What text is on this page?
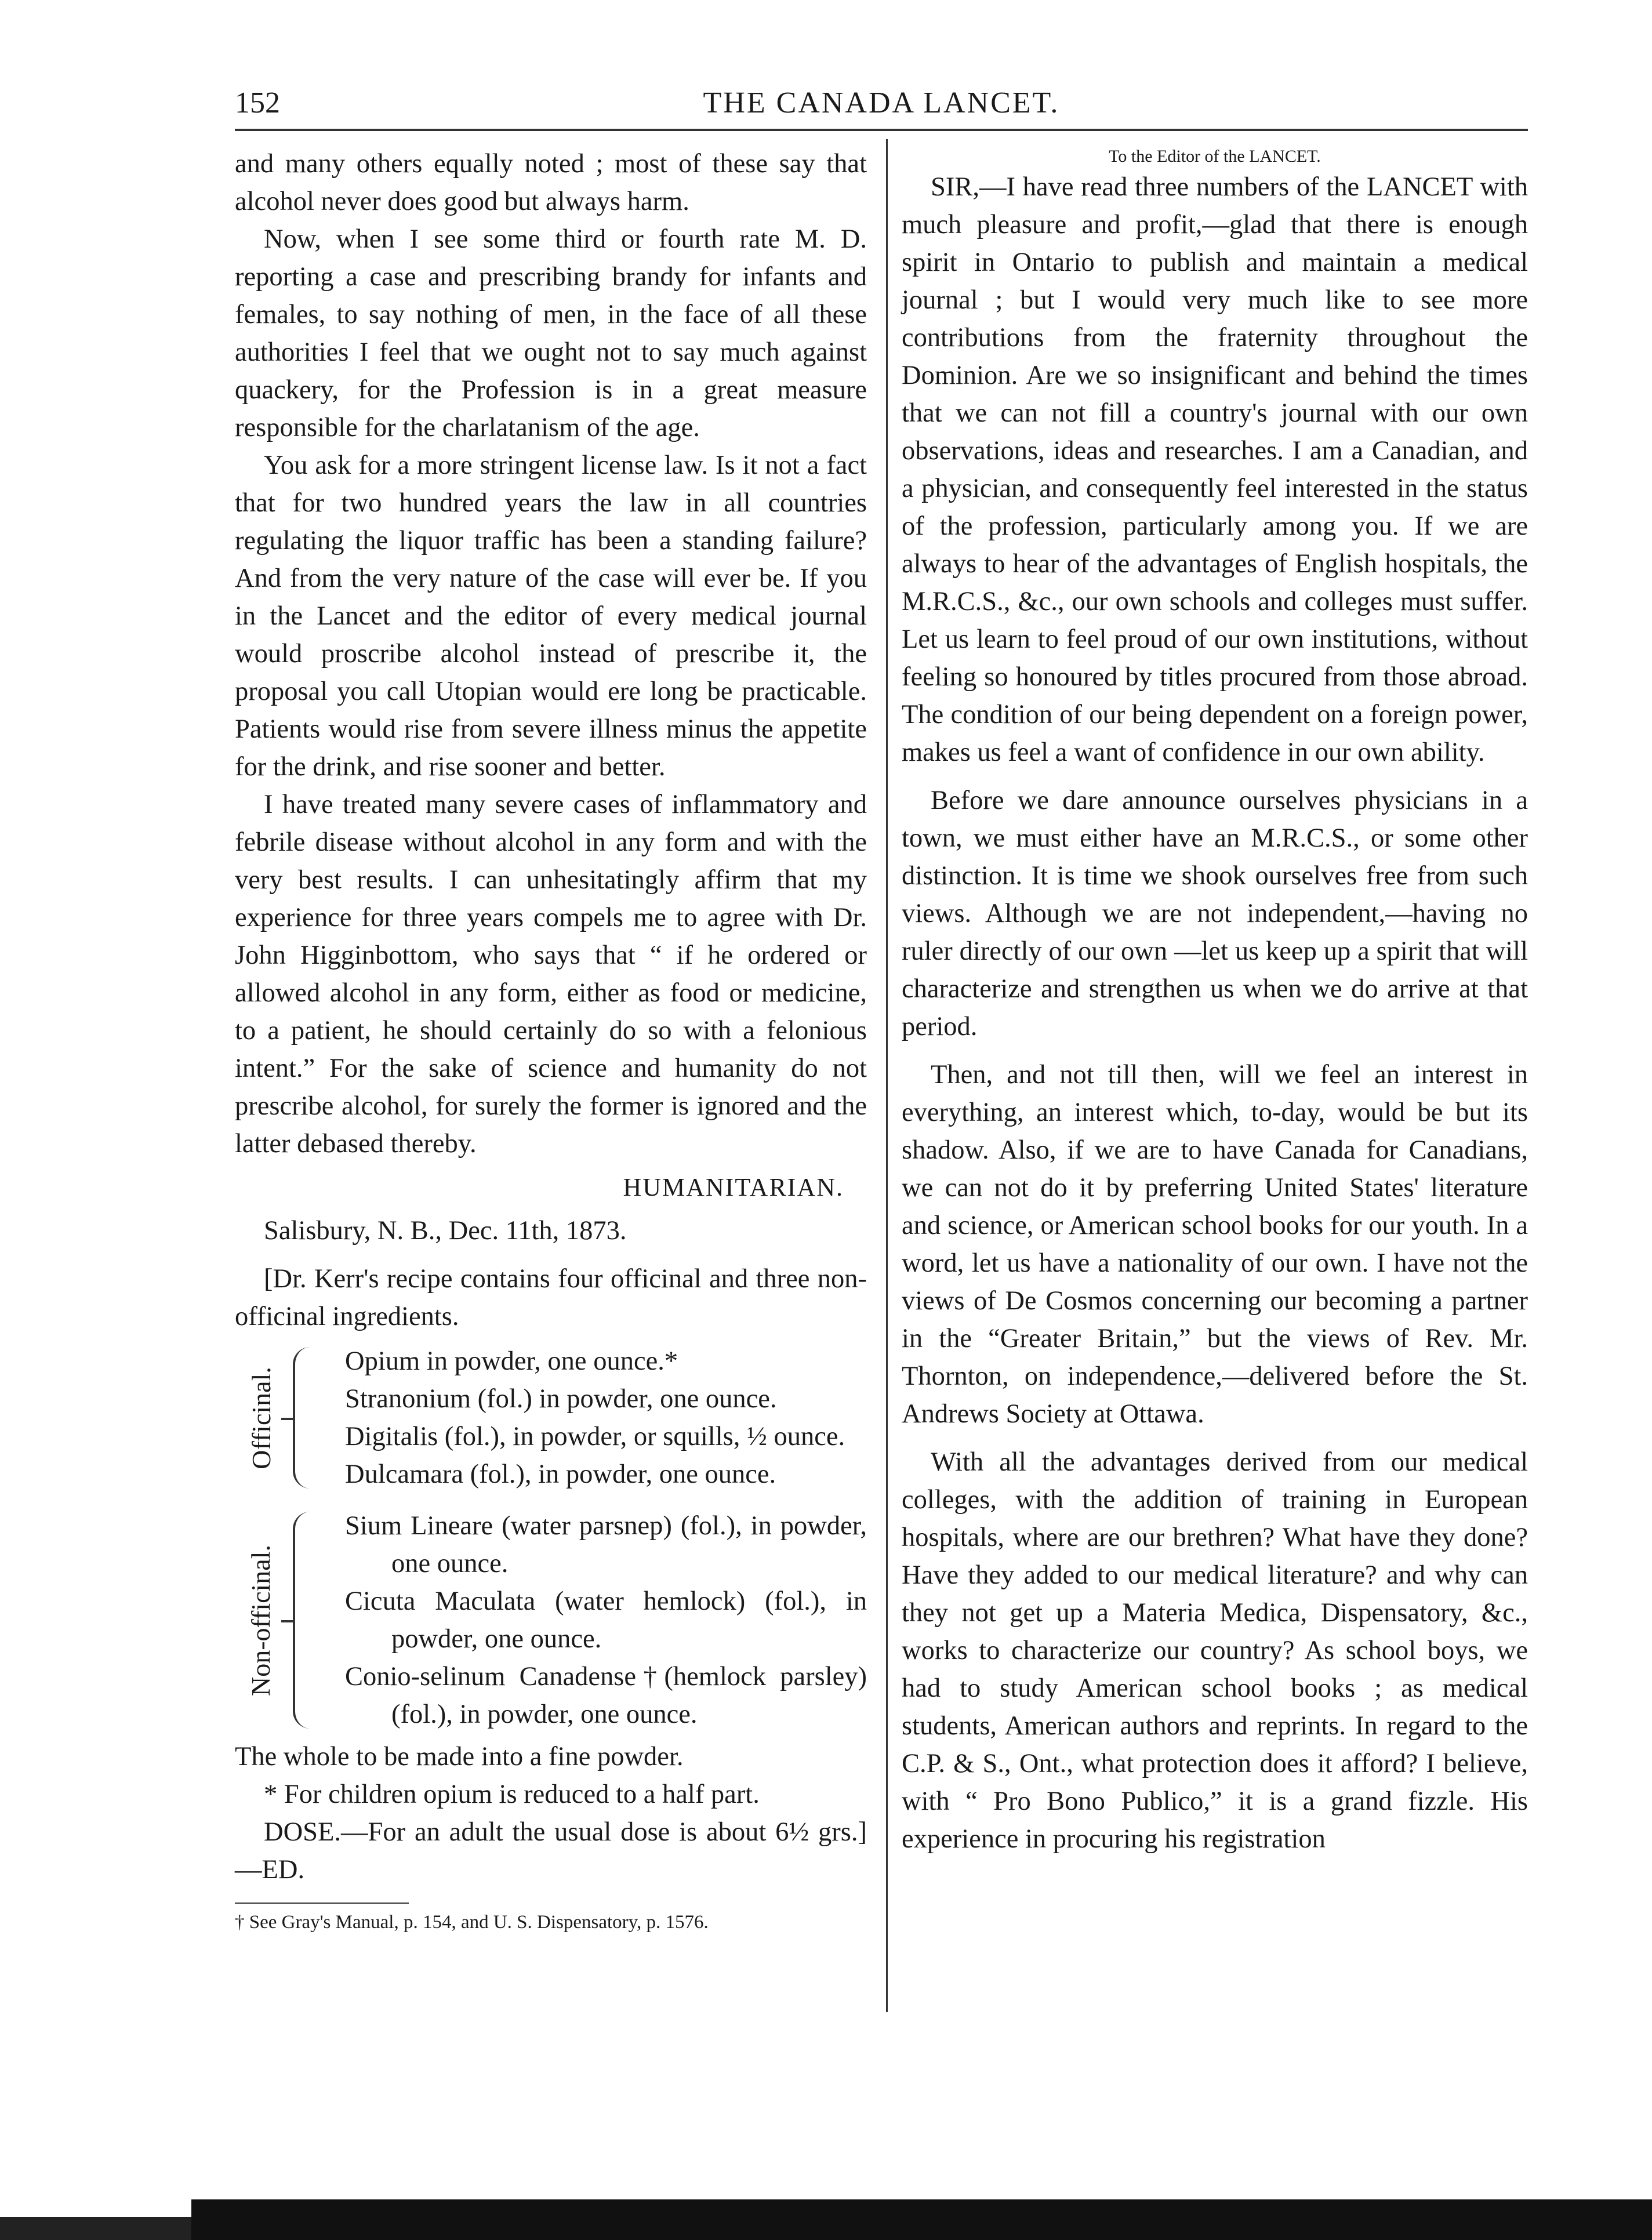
152	THE CANADA LANCET.

and many others equally noted ; most of these say that alcohol never does good but always harm.

Now, when I see some third or fourth rate M. D. reporting a case and prescribing brandy for infants and females, to say nothing of men, in the face of all these authorities I feel that we ought not to say much against quackery, for the Profession is in a great measure responsible for the charlatanism of the age.

You ask for a more stringent license law. Is it not a fact that for two hundred years the law in all countries regulating the liquor traffic has been a standing failure? And from the very nature of the case will ever be. If you in the Lancet and the editor of every medical journal would proscribe alcohol instead of prescribe it, the proposal you call Utopian would ere long be practicable. Patients would rise from severe illness minus the appetite for the drink, and rise sooner and better.

I have treated many severe cases of inflammatory and febrile disease without alcohol in any form and with the very best results. I can unhesitatingly affirm that my experience for three years compels me to agree with Dr. John Higginbottom, who says that “ if he ordered or allowed alcohol in any form, either as food or medicine, to a patient, he should certainly do so with a felonious intent.” For the sake of science and humanity do not prescribe alcohol, for surely the former is ignored and the latter debased thereby.

HUMANITARIAN.

Salisbury, N. B., Dec. 11th, 1873.

[Dr. Kerr's recipe contains four officinal and three non-officinal ingredients.

Officinal.

Opium in powder, one ounce.*

Stranonium (fol.) in powder, one ounce.

Digitalis (fol.), in powder, or squills, ½ ounce.

Dulcamara (fol.), in powder, one ounce.

Non-officinal.

Sium Lineare (water parsnep) (fol.), in powder, one ounce.

Cicuta Maculata (water hemlock) (fol.), in powder, one ounce.

Conio-selinum Canadense†(hemlock parsley) (fol.), in powder, one ounce.

The whole to be made into a fine powder.

* For children opium is reduced to a half part.

DOSE.—For an adult the usual dose is about 6½ grs.]—ED.

† See Gray's Manual, p. 154, and U. S. Dispensatory, p. 1576.

To the Editor of the LANCET.

SIR,—I have read three numbers of the LANCET with much pleasure and profit,—glad that there is enough spirit in Ontario to publish and maintain a medical journal ; but I would very much like to see more contributions from the fraternity throughout the Dominion. Are we so insignificant and behind the times that we can not fill a country's journal with our own observations, ideas and researches. I am a Canadian, and a physician, and consequently feel interested in the status of the profession, particularly among you. If we are always to hear of the advantages of English hospitals, the M.R.C.S., &c., our own schools and colleges must suffer. Let us learn to feel proud of our own institutions, without feeling so honoured by titles procured from those abroad. The condition of our being dependent on a foreign power, makes us feel a want of confidence in our own ability.

Before we dare announce ourselves physicians in a town, we must either have an M.R.C.S., or some other distinction. It is time we shook ourselves free from such views. Although we are not independent,—having no ruler directly of our own —let us keep up a spirit that will characterize and strengthen us when we do arrive at that period.

Then, and not till then, will we feel an interest in everything, an interest which, to-day, would be but its shadow. Also, if we are to have Canada for Canadians, we can not do it by preferring United States' literature and science, or American school books for our youth. In a word, let us have a nationality of our own. I have not the views of De Cosmos concerning our becoming a partner in the “Greater Britain,” but the views of Rev. Mr. Thornton, on independence,—delivered before the St. Andrews Society at Ottawa.

With all the advantages derived from our medical colleges, with the addition of training in European hospitals, where are our brethren? What have they done? Have they added to our medical literature? and why can they not get up a Materia Medica, Dispensatory, &c., works to characterize our country? As school boys, we had to study American school books ; as medical students, American authors and reprints. In regard to the C.P. & S., Ont., what protection does it afford? I believe, with “ Pro Bono Publico,” it is a grand fizzle. His experience in procuring his registration
